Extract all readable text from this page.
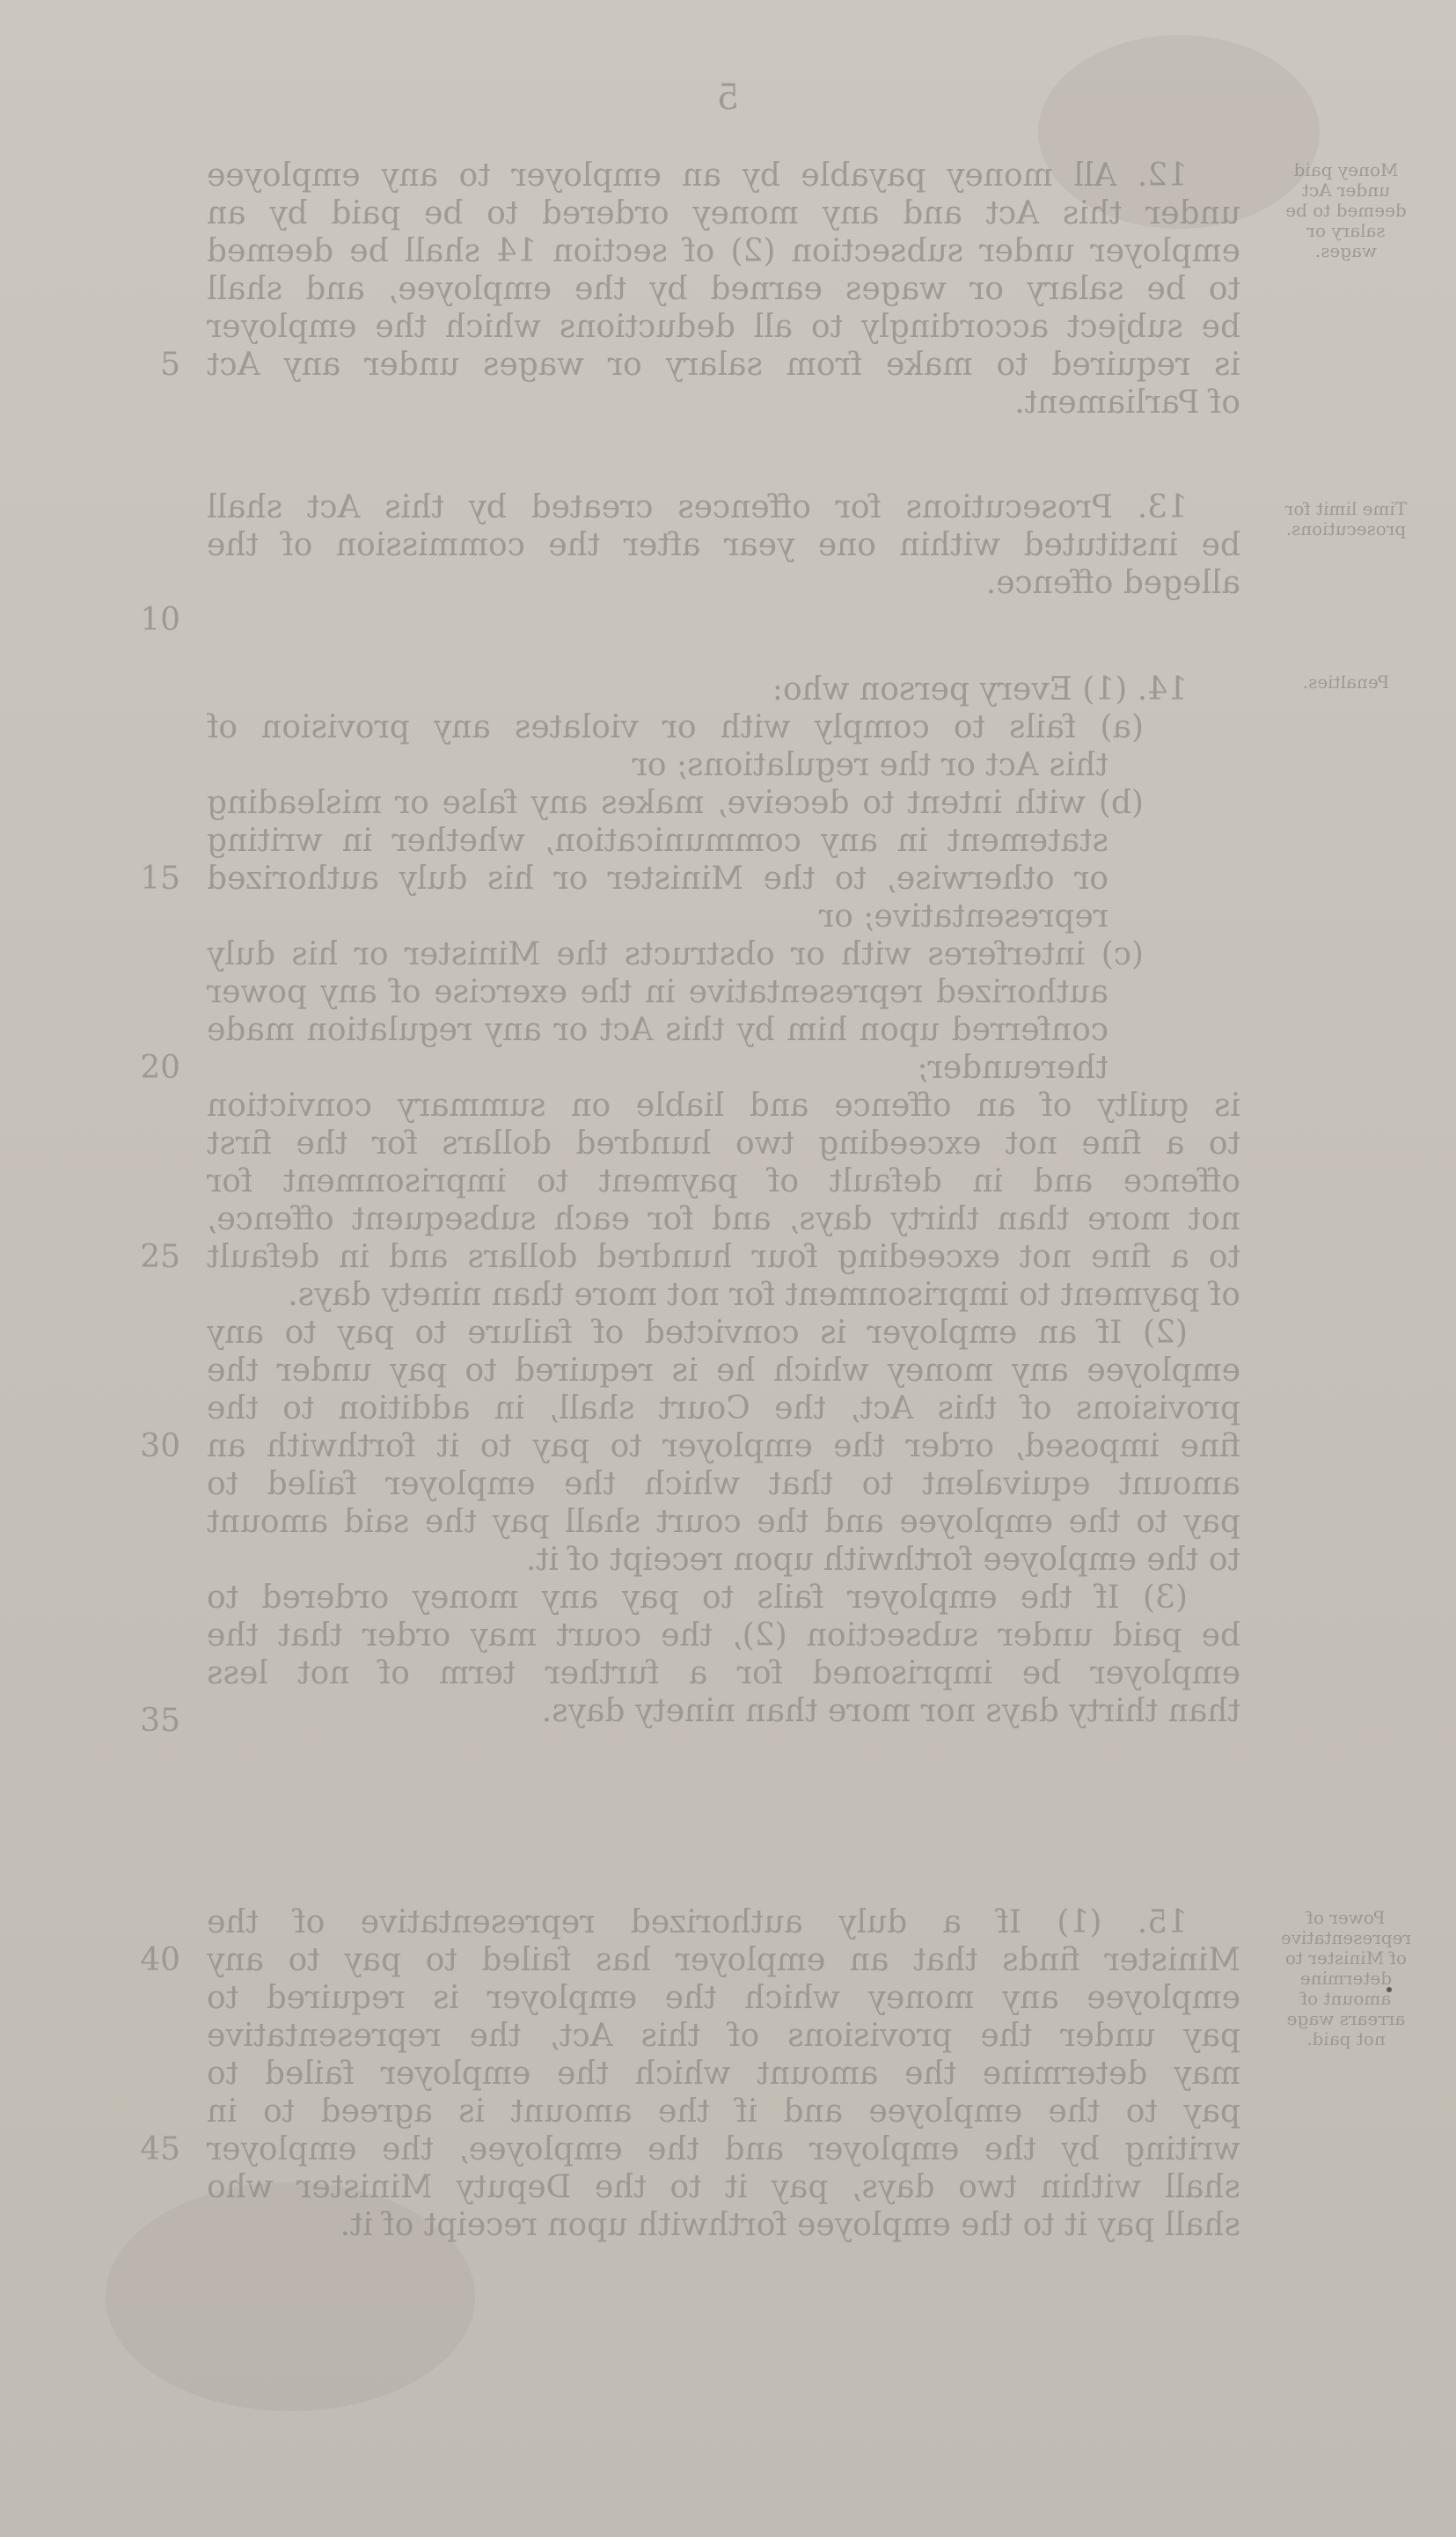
5
12. All money payable by an employer to any employee
under this Act and any money ordered to be paid by an
employer under subsection (2) of section 14 shall be deemed
to be salary or wages earned by the employee, and shall
be subject accordingly to all deductions which the employer
is required to make from salary or wages under any Act
of Parliament.
13. Prosecutions for offences created by this Act shall
be instituted within one year after the commission of the
alleged offence.
14. (1) Every person who:
(a) fails to comply with or violates any provision of
this Act or the regulations; or
(b) with intent to deceive, makes any false or misleading
statement in any communication, whether in writing
or otherwise, to the Minister or his duly authorized
representative; or
(c) interferes with or obstructs the Minister or his duly
authorized representative in the exercise of any power
conferred upon him by this Act or any regulation made
thereunder;
is guilty of an offence and liable on summary conviction
to a fine not exceeding two hundred dollars for the first
offence and in default of payment to imprisonment for
not more than thirty days, and for each subsequent offence,
to a fine not exceeding four hundred dollars and in default
of payment to imprisonment for not more than ninety days.
(2) If an employer is convicted of failure to pay to any
employee any money which he is required to pay under the
provisions of this Act, the Court shall, in addition to the
fine imposed, order the employer to pay to it forthwith an
amount equivalent to that which the employer failed to
pay to the employee and the court shall pay the said amount
to the employee forthwith upon receipt of it.
(3) If the employer fails to pay any money ordered to
be paid under subsection (2), the court may order that the
employer be imprisoned for a further term of not less
than thirty days nor more than ninety days.
15. (1) If a duly authorized representative of the
Minister finds that an employer has failed to pay to any
employee any money which the employer is required to
pay under the provisions of this Act, the representative
may determine the amount which the employer failed to
pay to the employee and if the amount is agreed to in
writing by the employer and the employee, the employer
shall within two days, pay it to the Deputy Minister who
shall pay it to the employee forthwith upon receipt of it.
Money paid under Act deemed to be salary or wages.
Time limit for prosecutions.
Penalties.
Power of representative of Minister to determine amount of arrears wage not paid.
5
10
15
20
25
30
35
40
45
